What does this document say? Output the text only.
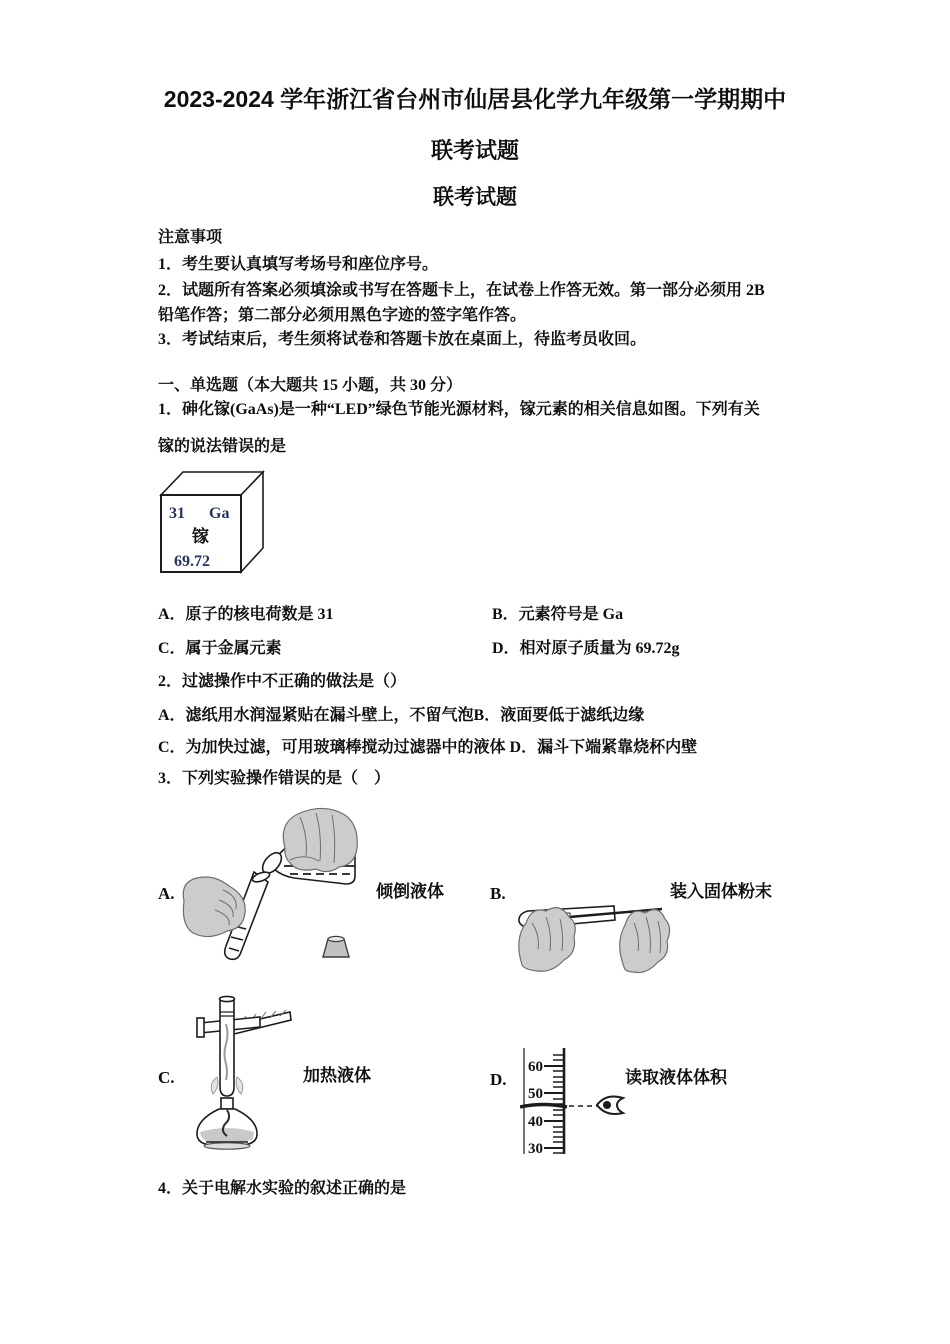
2023-2024 学年浙江省台州市仙居县化学九年级第一学期期中
联考试题
联考试题
注意事项
1．考生要认真填写考场号和座位序号。
2．试题所有答案必须填涂或书写在答题卡上，在试卷上作答无效。第一部分必须用 2B
铅笔作答；第二部分必须用黑色字迹的签字笔作答。
3．考试结束后，考生须将试卷和答题卡放在桌面上，待监考员收回。
一、单选题（本大题共 15 小题，共 30 分）
1．砷化镓(GaAs)是一种“LED”绿色节能光源材料，镓元素的相关信息如图。下列有关
镓的说法错误的是
31 Ga
镓
69.72
A．原子的核电荷数是 31	B．元素符号是 Ga
C．属于金属元素	D．相对原子质量为 69.72g
2．过滤操作中不正确的做法是（）
A．滤纸用水润湿紧贴在漏斗壁上，不留气泡B．液面要低于滤纸边缘
C．为加快过滤，可用玻璃棒搅动过滤器中的液体 D．漏斗下端紧靠烧杯内壁
3．下列实验操作错误的是（　）
A.	倾倒液体	B.	装入固体粉末
C.	加热液体	60
50
40
30
D.	读取液体体积
4．关于电解水实验的叙述正确的是
